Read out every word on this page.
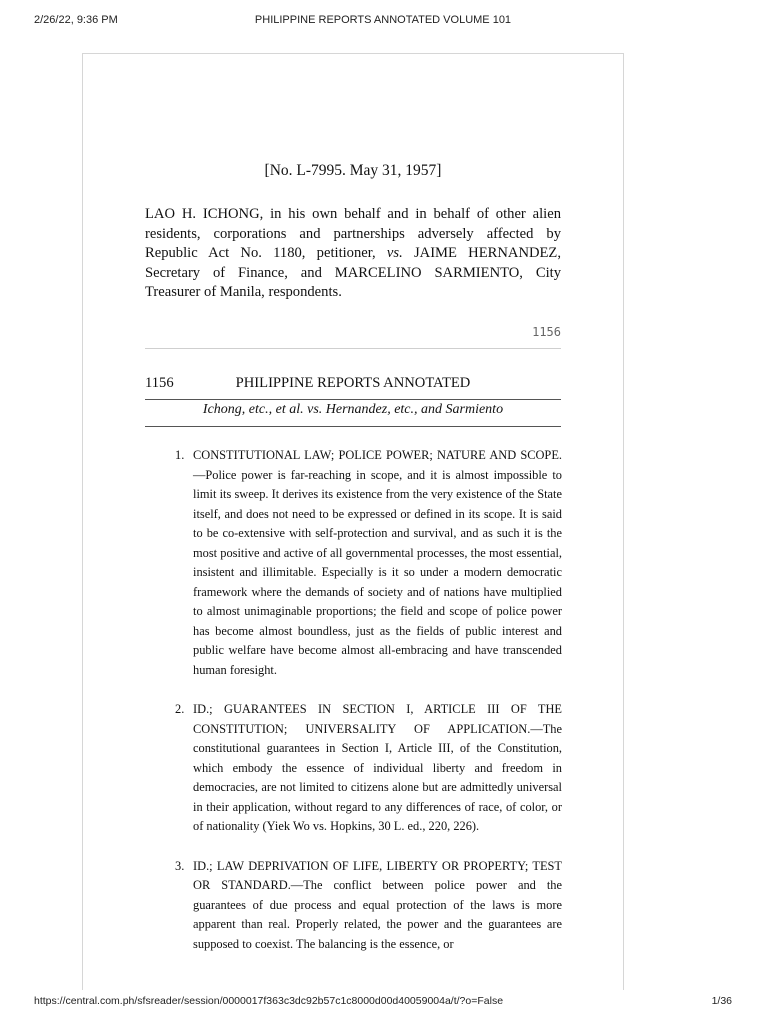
2/26/22, 9:36 PM	PHILIPPINE REPORTS ANNOTATED VOLUME 101
[No. L-7995. May 31, 1957]
LAO H. ICHONG, in his own behalf and in behalf of other alien residents, corporations and partnerships adversely affected by Republic Act No. 1180, petitioner, vs. JAIME HERNANDEZ, Secretary of Finance, and MARCELINO SARMIENTO, City Treasurer of Manila, respondents.
1156
1156	PHILIPPINE REPORTS ANNOTATED
Ichong, etc., et al. vs. Hernandez, etc., and Sarmiento
1. CONSTITUTIONAL LAW; POLICE POWER; NATURE AND SCOPE.—Police power is far-reaching in scope, and it is almost impossible to limit its sweep. It derives its existence from the very existence of the State itself, and does not need to be expressed or defined in its scope. It is said to be co-extensive with self-protection and survival, and as such it is the most positive and active of all governmental processes, the most essential, insistent and illimitable. Especially is it so under a modern democratic framework where the demands of society and of nations have multiplied to almost unimaginable proportions; the field and scope of police power has become almost boundless, just as the fields of public interest and public welfare have become almost all-embracing and have transcended human foresight.
2. ID.; GUARANTEES IN SECTION I, ARTICLE III OF THE CONSTITUTION; UNIVERSALITY OF APPLICATION.—The constitutional guarantees in Section I, Article III, of the Constitution, which embody the essence of individual liberty and freedom in democracies, are not limited to citizens alone but are admittedly universal in their application, without regard to any differences of race, of color, or of nationality (Yiek Wo vs. Hopkins, 30 L. ed., 220, 226).
3. ID.; LAW DEPRIVATION OF LIFE, LIBERTY OR PROPERTY; TEST OR STANDARD.—The conflict between police power and the guarantees of due process and equal protection of the laws is more apparent than real. Properly related, the power and the guarantees are supposed to coexist. The balancing is the essence, or
https://central.com.ph/sfsreader/session/0000017f363c3dc92b57c1c8000d00d40059004a/t/?o=False	1/36
